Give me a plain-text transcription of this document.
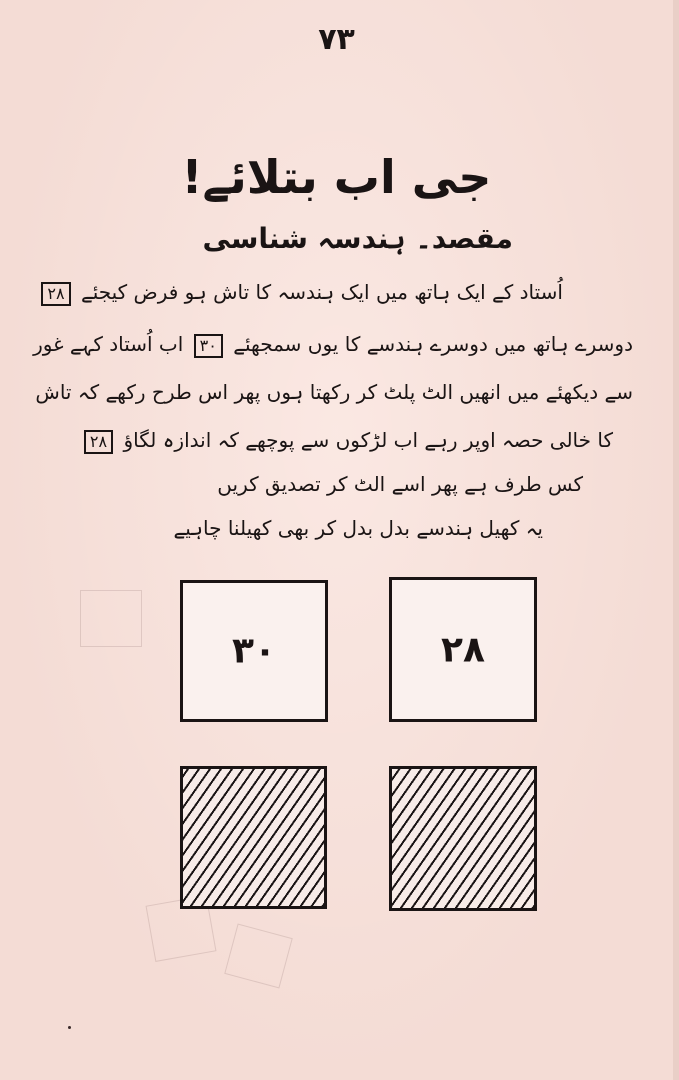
۷۳
جی اب بتلائے!
مقصد۔ ہندسہ شناسی
اُستاد کے ایک ہاتھ میں ایک ہندسہ کا تاش ہو فرض کیجئے ۲۸
دوسرے ہاتھ میں دوسرے ہندسے کا یوں سمجھئے ۳۰ اب اُستاد کہے غور
سے دیکھئے میں انھیں الٹ پلٹ کر رکھتا ہوں پھر اس طرح رکھے کہ تاش
کا خالی حصہ اوپر رہے اب لڑکوں سے پوچھے کہ اندازہ لگاؤ ۲۸
کس طرف ہے پھر اسے الٹ کر تصدیق کریں
یہ کھیل ہندسے بدل بدل کر بھی کھیلنا چاہیے
۳۰	۲۸
